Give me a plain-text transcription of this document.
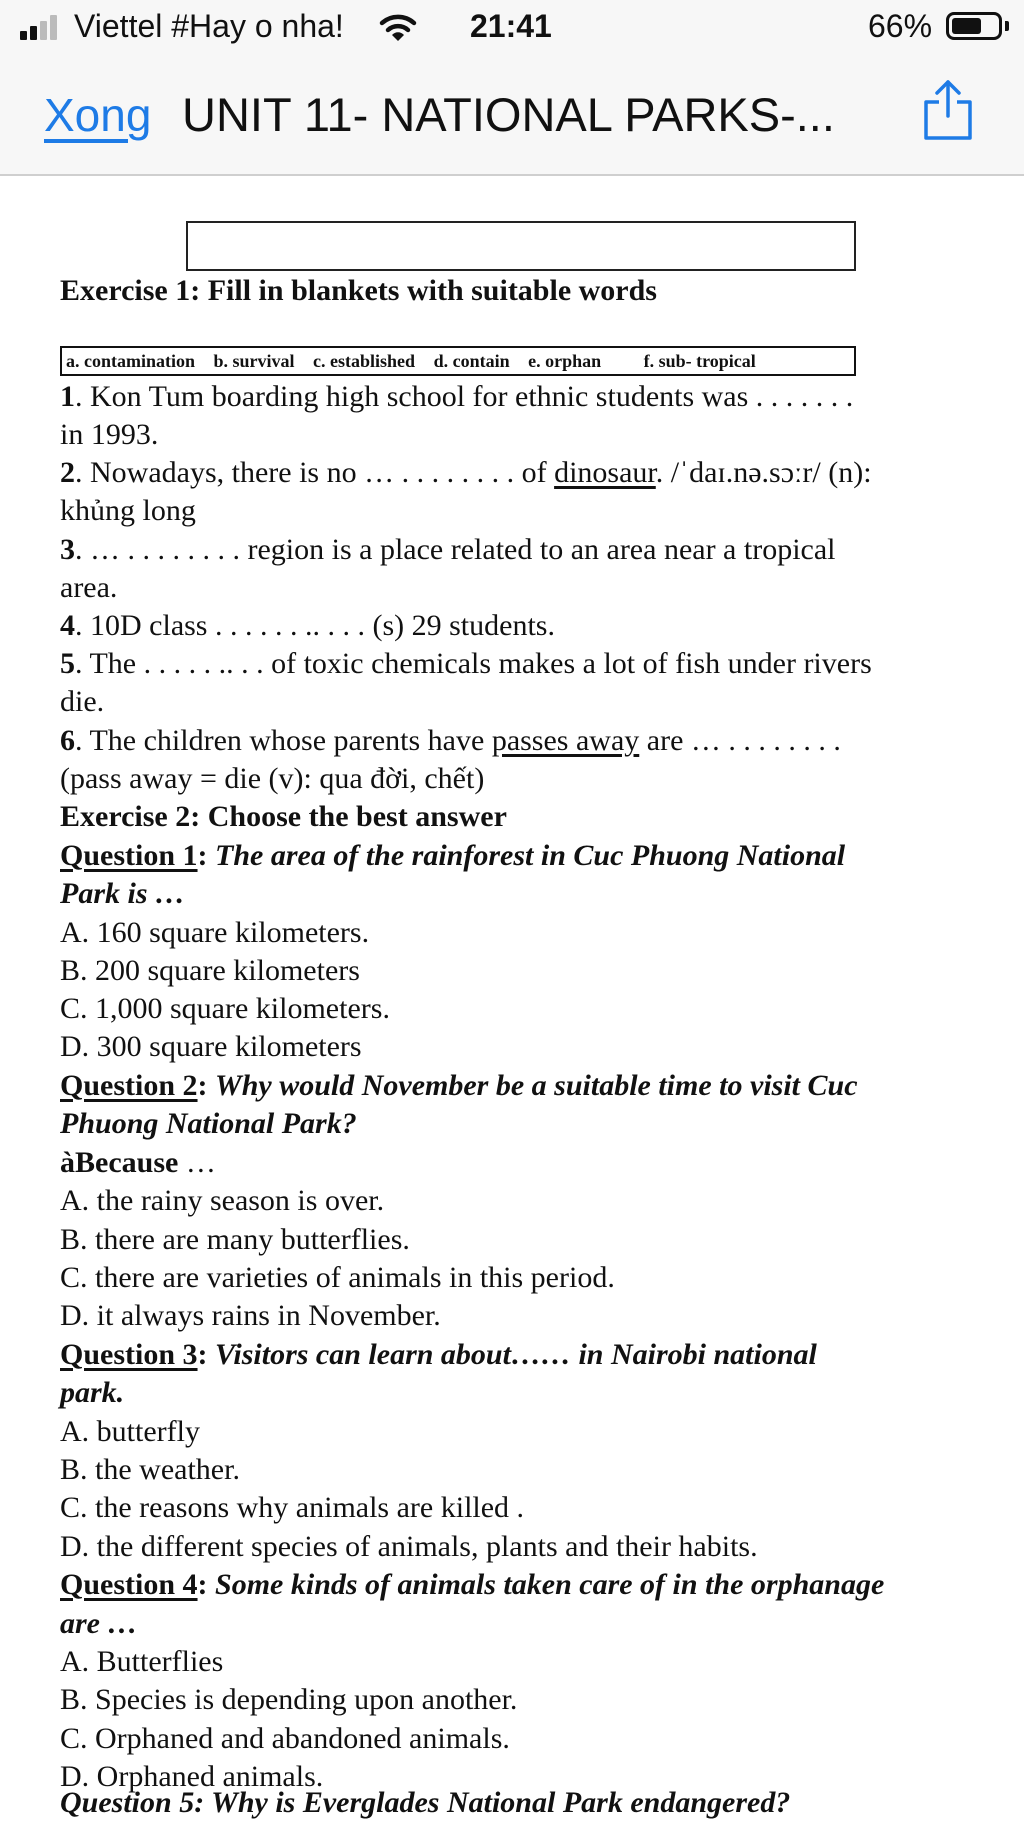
Viettel #Hay o nha!	21:41	66%
Xong UNIT 11- NATIONAL PARKS-...
Exercise 1: Fill in blankets with suitable words
a. contamination b. survival c. established d. contain e. orphan f. sub- tropical
1. Kon Tum boarding high school for ethnic students was . . . . . . .
in 1993.
2. Nowadays, there is no … . . . . . . . . of dinosaur. /ˈdaɪ.nə.sɔːr/ (n):
khủng long
3. … . . . . . . . . region is a place related to an area near a tropical
area.
4. 10D class . . . . . . .. . . . (s) 29 students.
5. The . . . . . .. . . of toxic chemicals makes a lot of fish under rivers
die.
6. The children whose parents have passes away are … . . . . . . . .
(pass away = die (v): qua đời, chết)
Exercise 2: Choose the best answer
Question 1: The area of the rainforest in Cuc Phuong National
Park is …
A. 160 square kilometers.
B. 200 square kilometers
C. 1,000 square kilometers.
D. 300 square kilometers
Question 2: Why would November be a suitable time to visit Cuc
Phuong National Park?
àBecause …
A. the rainy season is over.
B. there are many butterflies.
C. there are varieties of animals in this period.
D. it always rains in November.
Question 3: Visitors can learn about…… in Nairobi national
park.
A. butterfly
B. the weather.
C. the reasons why animals are killed .
D. the different species of animals, plants and their habits.
Question 4: Some kinds of animals taken care of in the orphanage
are …
A. Butterflies
B. Species is depending upon another.
C. Orphaned and abandoned animals.
D. Orphaned animals.
Question 5: Why is Everglades National Park endangered?
